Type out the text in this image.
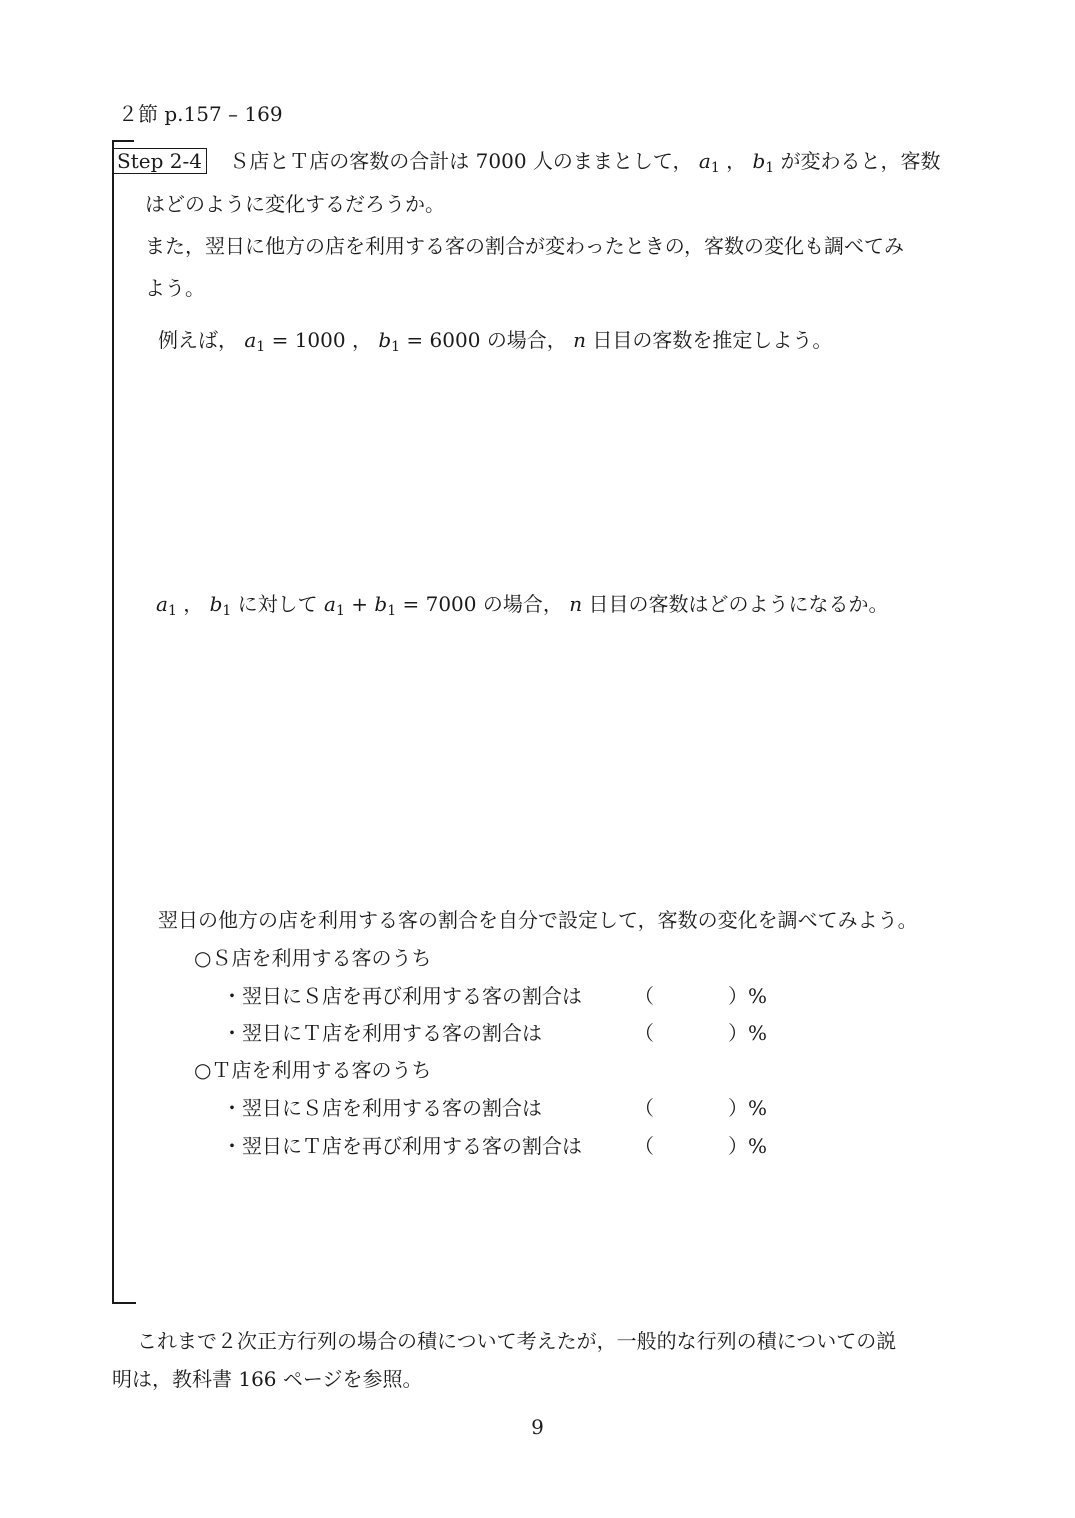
２節 p.157 – 169
Step 2-4 Ｓ店とＴ店の客数の合計は 7000 人のままとして， $a_1$ ， $b_1$ が変わると，客数
はどのように変化するだろうか。
また，翌日に他方の店を利用する客の割合が変わったときの，客数の変化も調べてみ
よう。
例えば， $a_1 = 1000$ ， $b_1 = 6000$ の場合， n 日目の客数を推定しよう。
$a_1$ ， $b_1$ に対して $a_1 + b_1 = 7000$ の場合， n 日目の客数はどのようになるか。
翌日の他方の店を利用する客の割合を自分で設定して，客数の変化を調べてみよう。
○Ｓ店を利用する客のうち
・翌日にＳ店を再び利用する客の割合は	（	）%
・翌日にＴ店を利用する客の割合は	（	）%
○Ｔ店を利用する客のうち
・翌日にＳ店を利用する客の割合は	（	）%
・翌日にＴ店を再び利用する客の割合は	（	）%
これまで２次正方行列の場合の積について考えたが，一般的な行列の積についての説
明は，教科書 166 ページを参照。
9
